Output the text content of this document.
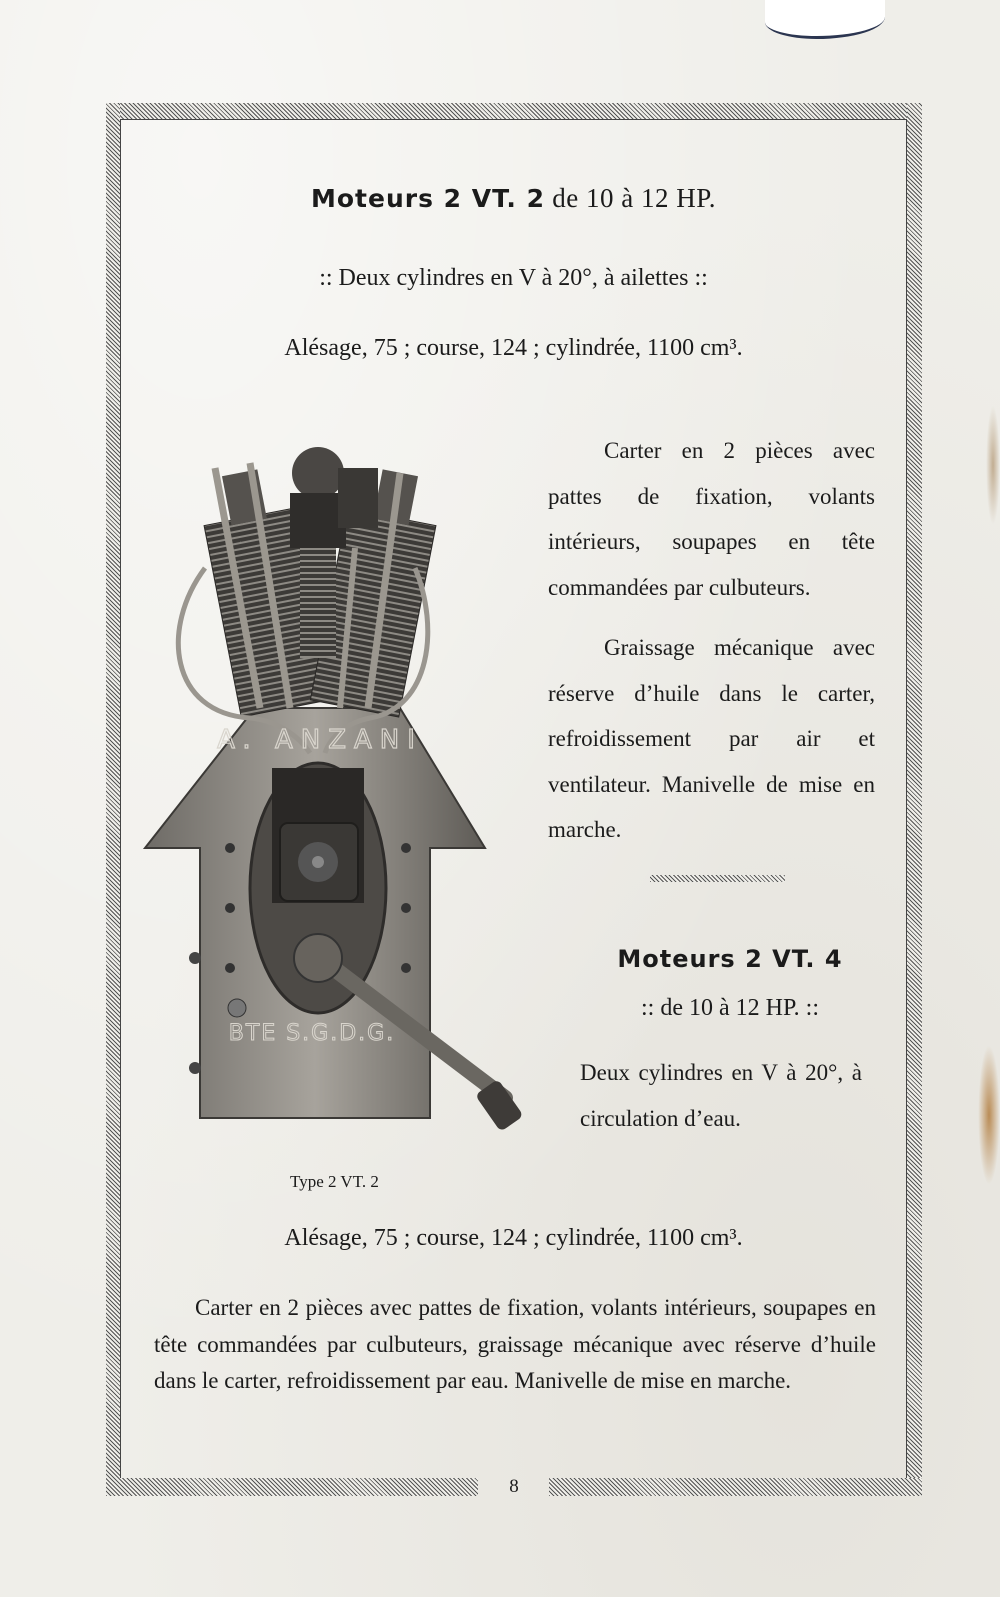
Moteurs 2 VT. 2 de 10 à 12 HP.
:: Deux cylindres en V à 20°, à ailettes ::
Alésage, 75 ; course, 124 ; cylindrée, 1100 cm³.
A. ANZANI
BTE S.G.D.G.

Carter en 2 pièces avec pattes de fixation, volants intérieurs, soupapes en tête commandées par culbuteurs.

Graissage mécanique avec réserve d’huile dans le carter, refroidissement par air et ventilateur. Manivelle de mise en marche.

Moteurs 2 VT. 4
:: de 10 à 12 HP. ::

Deux cylindres en V à 20°, à circulation d’eau.

Type 2 VT. 2
Alésage, 75 ; course, 124 ; cylindrée, 1100 cm³.
Carter en 2 pièces avec pattes de fixation, volants intérieurs, soupapes en tête commandées par culbuteurs, graissage mécanique avec réserve d’huile dans le carter, refroidissement par eau. Manivelle de mise en marche.
8
